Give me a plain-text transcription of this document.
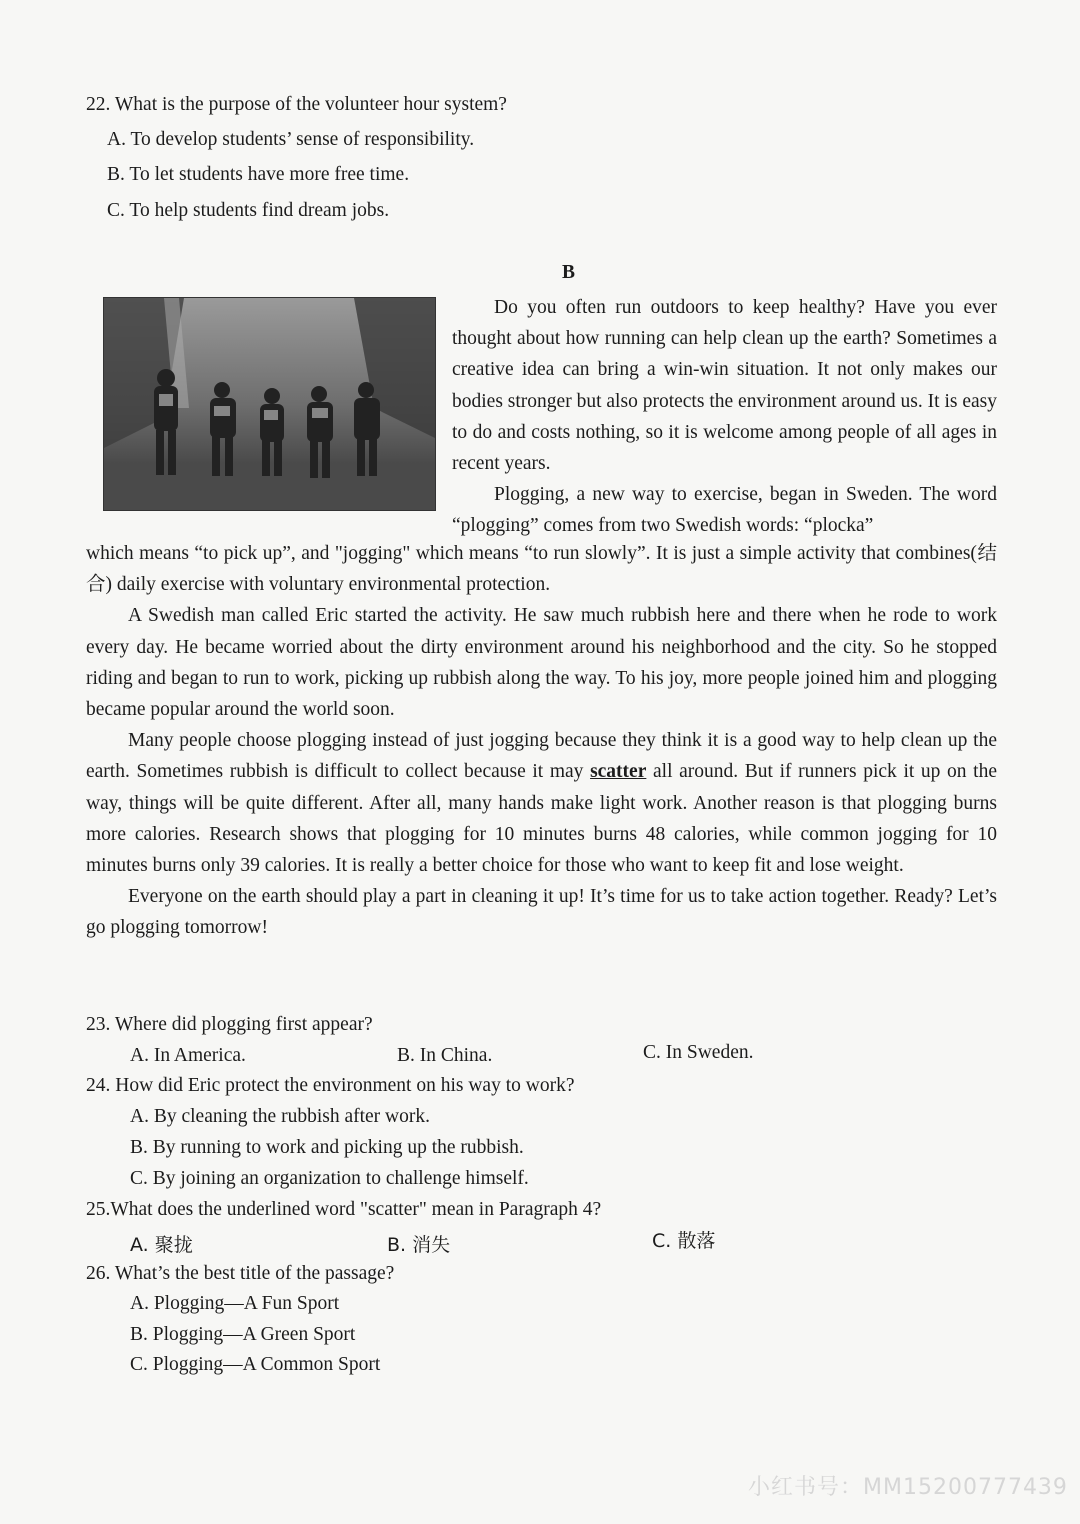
22. What is the purpose of the volunteer hour system?
A. To develop students’ sense of responsibility.
B. To let students have more free time.
C. To help students find dream jobs.
B

Do you often run outdoors to keep healthy? Have you ever thought about how running can help clean up the earth? Sometimes a creative idea can bring a win-win situation. It not only makes our bodies stronger but also protects the environment around us. It is easy to do and costs nothing, so it is welcome among people of all ages in recent years.

Plogging, a new way to exercise, began in Sweden. The word “plogging” comes from two Swedish words: “plocka”

which means “to pick up”, and "jogging" which means “to run slowly”. It is just a simple activity that combines(结合) daily exercise with voluntary environmental protection.

A Swedish man called Eric started the activity. He saw much rubbish here and there when he rode to work every day. He became worried about the dirty environment around his neighborhood and the city. So he stopped riding and began to run to work, picking up rubbish along the way. To his joy, more people joined him and plogging became popular around the world soon.

Many people choose plogging instead of just jogging because they think it is a good way to help clean up the earth. Sometimes rubbish is difficult to collect because it may scatter all around. But if runners pick it up on the way, things will be quite different. After all, many hands make light work. Another reason is that plogging burns more calories. Research shows that plogging for 10 minutes burns 48 calories, while common jogging for 10 minutes burns only 39 calories. It is really a better choice for those who want to keep fit and lose weight.

Everyone on the earth should play a part in cleaning it up! It’s time for us to take action together. Ready? Let’s go plogging tomorrow!

23. Where did plogging first appear?
A. In America.	B. In China.	C. In Sweden.
24. How did Eric protect the environment on his way to work?
A. By cleaning the rubbish after work.
B. By running to work and picking up the rubbish.
C. By joining an organization to challenge himself.
25.What does the underlined word "scatter" mean in Paragraph 4?
A. 聚拢	B. 消失	C. 散落
26. What’s the best title of the passage?
A. Plogging—A Fun Sport
B. Plogging—A Green Sport
C. Plogging—A Common Sport
小红书号：MM15200777439
